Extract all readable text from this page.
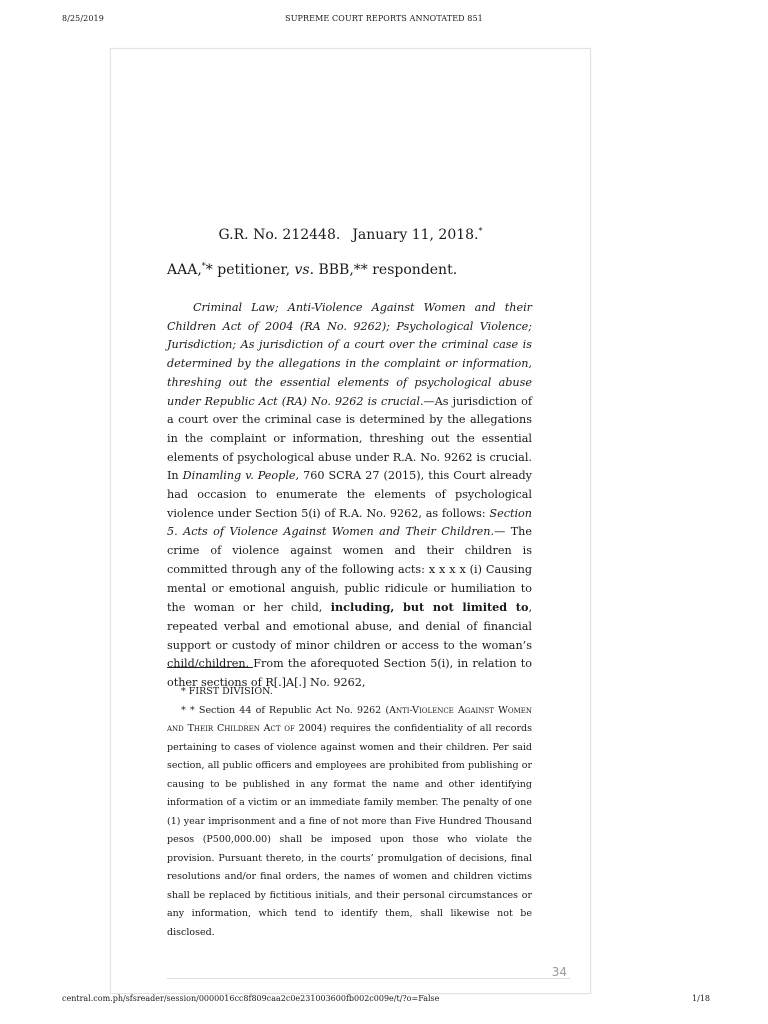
8/25/2019	SUPREME COURT REPORTS ANNOTATED 851
G.R. No. 212448. January 11, 2018.*
AAA,** petitioner, vs. BBB,** respondent.
Criminal Law; Anti-Violence Against Women and their Children Act of 2004 (RA No. 9262); Psychological Violence; Jurisdiction; As jurisdiction of a court over the criminal case is determined by the allegations in the complaint or information, threshing out the essential elements of psychological abuse under Republic Act (RA) No. 9262 is crucial.—As jurisdiction of a court over the criminal case is determined by the allegations in the complaint or information, threshing out the essential elements of psychological abuse under R.A. No. 9262 is crucial. In Dinamling v. People, 760 SCRA 27 (2015), this Court already had occasion to enumerate the elements of psychological violence under Section 5(i) of R.A. No. 9262, as follows: Section 5. Acts of Violence Against Women and Their Children.— The crime of violence against women and their children is committed through any of the following acts: x x x x (i) Causing mental or emotional anguish, public ridicule or humiliation to the woman or her child, including, but not limited to, repeated verbal and emotional abuse, and denial of financial support or custody of minor children or access to the woman’s child/children. From the aforequoted Section 5(i), in relation to other sections of R[.]A[.] No. 9262,

* FIRST DIVISION.

* * Section 44 of Republic Act No. 9262 (Anti-Violence Against Women and Their Children Act of 2004) requires the confidentiality of all records pertaining to cases of violence against women and their children. Per said section, all public officers and employees are prohibited from publishing or causing to be published in any format the name and other identifying information of a victim or an immediate family member. The penalty of one (1) year imprisonment and a fine of not more than Five Hundred Thousand pesos (P500,000.00) shall be imposed upon those who violate the provision. Pursuant thereto, in the courts’ promulgation of decisions, final resolutions and/or final orders, the names of women and children victims shall be replaced by fictitious initials, and their personal circumstances or any information, which tend to identify them, shall likewise not be disclosed.

34
central.com.ph/sfsreader/session/0000016cc8f809caa2c0e231003600fb002c009e/t/?o=False	1/18
